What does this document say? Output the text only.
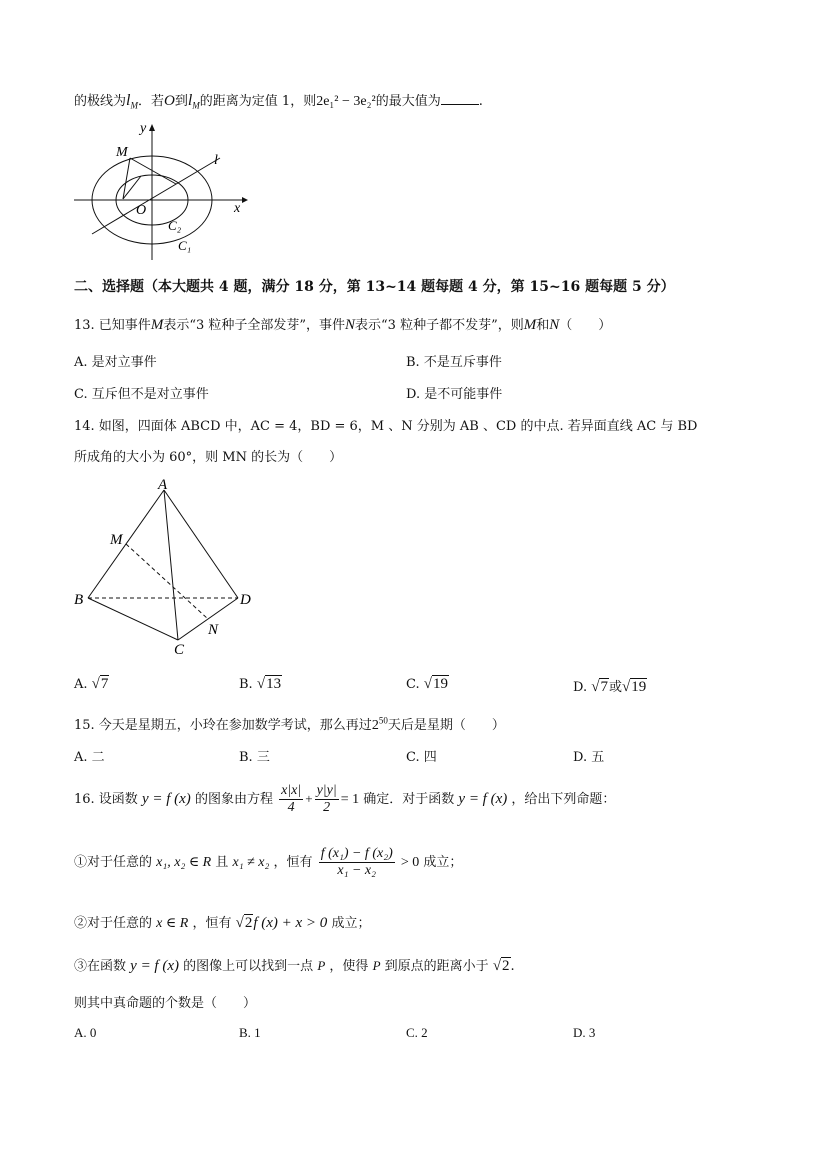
的极线为$l_M$．若O到$l_M$的距离为定值 1，则2e₁² − 3e₂²的最大值为	.
y
x
O
M
l
C₂
C₁
二、选择题（本大题共 4 题，满分 18 分，第 13~14 题每题 4 分，第 15~16 题每题 5 分）
13. 已知事件M表示“3 粒种子全部发芽”，事件N表示“3 粒种子都不发芽”，则M和N（　　）
A. 是对立事件	B. 不是互斥事件
C. 互斥但不是对立事件	D. 是不可能事件
14. 如图，四面体 ABCD 中，AC = 4，BD = 6，M 、N 分别为 AB 、CD 的中点. 若异面直线 AC 与 BD
所成角的大小为 60°，则 MN 的长为（　　）
A
B
C
D
M
N
A. √7	B. √13	C. √19	D. √7或√19
15. 今天是星期五，小玲在参加数学考试，那么再过$2^{50}$天后是星期（　　）
A. 二	B. 三	C. 四	D. 五
16. 设函数 y = f (x) 的图象由方程 $\frac{x|x|}{4} + \frac{y|y|}{2} = 1$ 确定．对于函数 y = f (x) ，给出下列命题：
①对于任意的 x₁, x₂ ∈ R 且 x₁ ≠ x₂ ，恒有 $\frac{\text{f (x₁) − f (x₂)}}{\text{x₁ − x₂}} > 0$ 成立；
②对于任意的 x ∈ R ，恒有 √2f (x) + x > 0 成立；
③在函数 y = f (x) 的图像上可以找到一点 P ，使得 P 到原点的距离小于 √2.
则其中真命题的个数是（　　）
A. 0	B. 1	C. 2	D. 3
